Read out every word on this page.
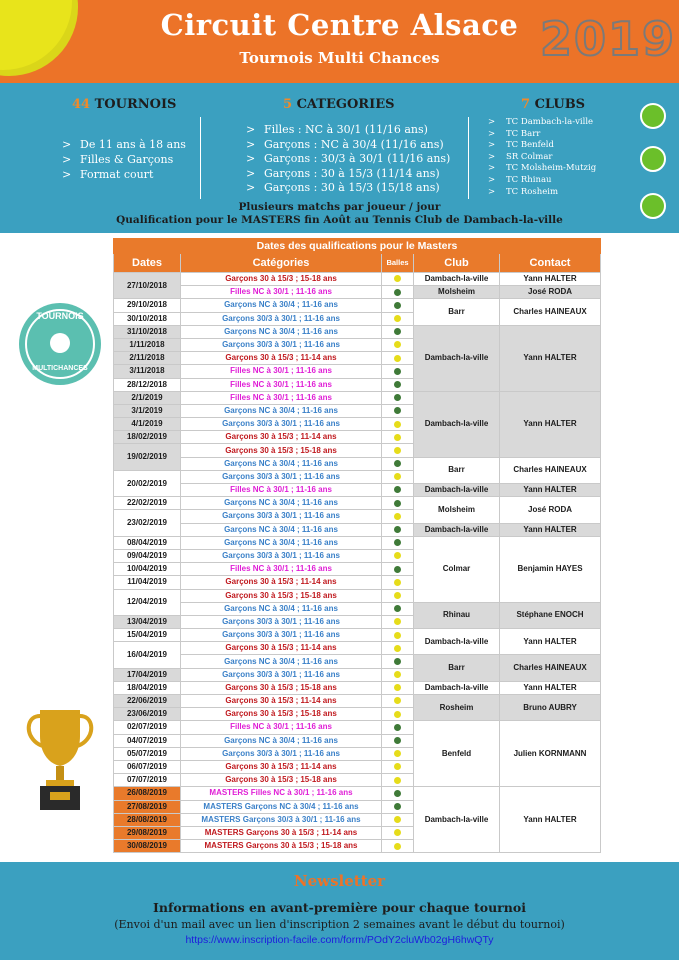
Circuit Centre Alsace
Tournois Multi Chances	2019
44 TOURNOIS
> De 11 ans à 18 ans
> Filles & Garçons
> Format court
5 CATEGORIES
> Filles : NC à 30/1 (11/16 ans)
> Garçons : NC à 30/4 (11/16 ans)
> Garçons : 30/3 à 30/1 (11/16 ans)
> Garçons : 30 à 15/3 (11/14 ans)
> Garçons : 30 à 15/3 (15/18 ans)
7 CLUBS
> TC Dambach-la-ville
> TC Barr
> TC Benfeld
> SR Colmar
> TC Molsheim-Mutzig
> TC Rhinau
> TC Rosheim
Plusieurs matchs par joueur / jour
Qualification pour le MASTERS fin Août au Tennis Club de Dambach-la-ville
TOURNOIS
MULTICHANCES
Dates des qualifications pour le Masters					
Dates	Catégories	Balles	Club	Contact	
27/10/2018	Garçons 30 à 15/3 ; 15-18 ans		Dambach-la-ville	Yann HALTER	
	Filles NC à 30/1 ; 11-16 ans		Molsheim	José RODA	
29/10/2018	Garçons NC à 30/4 ; 11-16 ans		Barr	Charles HAINEAUX	
30/10/2018	Garçons 30/3 à 30/1 ; 11-16 ans				
31/10/2018	Garçons NC à 30/4 ; 11-16 ans		Dambach-la-ville	Yann HALTER	
1/11/2018	Garçons 30/3 à 30/1 ; 11-16 ans				
2/11/2018	Garçons 30 à 15/3 ; 11-14 ans				
3/11/2018	Filles NC à 30/1 ; 11-16 ans				
28/12/2018	Filles NC à 30/1 ; 11-16 ans			
2/1/2019	Filles NC à 30/1 ; 11-16 ans		Dambach-la-ville	Yann HALTER	
3/1/2019	Garçons NC à 30/4 ; 11-16 ans				
4/1/2019	Garçons 30/3 à 30/1 ; 11-16 ans				
18/02/2019	Garçons 30 à 15/3 ; 11-14 ans				
19/02/2019	Garçons 30 à 15/3 ; 15-18 ans				
	Garçons NC à 30/4 ; 11-16 ans		Barr	Charles HAINEAUX	
20/02/2019	Garçons 30/3 à 30/1 ; 11-16 ans				
	Filles NC à 30/1 ; 11-16 ans		Dambach-la-ville	Yann HALTER	
22/02/2019	Garçons NC à 30/4 ; 11-16 ans		Molsheim	José RODA	
23/02/2019	Garçons 30/3 à 30/1 ; 11-16 ans				
	Garçons NC à 30/4 ; 11-16 ans		Dambach-la-ville	Yann HALTER	
08/04/2019	Garçons NC à 30/4 ; 11-16 ans		Colmar	Benjamin HAYES	
09/04/2019	Garçons 30/3 à 30/1 ; 11-16 ans				
10/04/2019	Filles NC à 30/1 ; 11-16 ans				
11/04/2019	Garçons 30 à 15/3 ; 11-14 ans				
12/04/2019	Garçons 30 à 15/3 ; 15-18 ans				
	Garçons NC à 30/4 ; 11-16 ans		Rhinau	Stéphane ENOCH	
13/04/2019	Garçons 30/3 à 30/1 ; 11-16 ans				
15/04/2019	Garçons 30/3 à 30/1 ; 11-16 ans		Dambach-la-ville	Yann HALTER	
16/04/2019	Garçons 30 à 15/3 ; 11-14 ans				
	Garçons NC à 30/4 ; 11-16 ans		Barr	Charles HAINEAUX	
17/04/2019	Garçons 30/3 à 30/1 ; 11-16 ans				
18/04/2019	Garçons 30 à 15/3 ; 15-18 ans		Dambach-la-ville	Yann HALTER	
22/06/2019	Garçons 30 à 15/3 ; 11-14 ans		Rosheim	Bruno AUBRY	
23/06/2019	Garçons 30 à 15/3 ; 15-18 ans				
02/07/2019	Filles NC à 30/1 ; 11-16 ans		Benfeld	Julien KORNMANN	
04/07/2019	Garçons NC à 30/4 ; 11-16 ans				
05/07/2019	Garçons 30/3 à 30/1 ; 11-16 ans				
06/07/2019	Garçons 30 à 15/3 ; 11-14 ans				
07/07/2019	Garçons 30 à 15/3 ; 15-18 ans				
26/08/2019	MASTERS Filles NC à 30/1 ; 11-16 ans		Dambach-la-ville	Yann HALTER	
27/08/2019	MASTERS Garçons NC à 30/4 ; 11-16 ans				
28/08/2019	MASTERS Garçons 30/3 à 30/1 ; 11-16 ans				
29/08/2019	MASTERS Garçons 30 à 15/3 ; 11-14 ans				
30/08/2019	MASTERS Garçons 30 à 15/3 ; 15-18 ans				
Newsletter
Informations en avant-première pour chaque tournoi
(Envoi d'un mail avec un lien d'inscription 2 semaines avant le début du tournoi)
https://www.inscription-facile.com/form/POdY2cluWb02gH6hwQTy
